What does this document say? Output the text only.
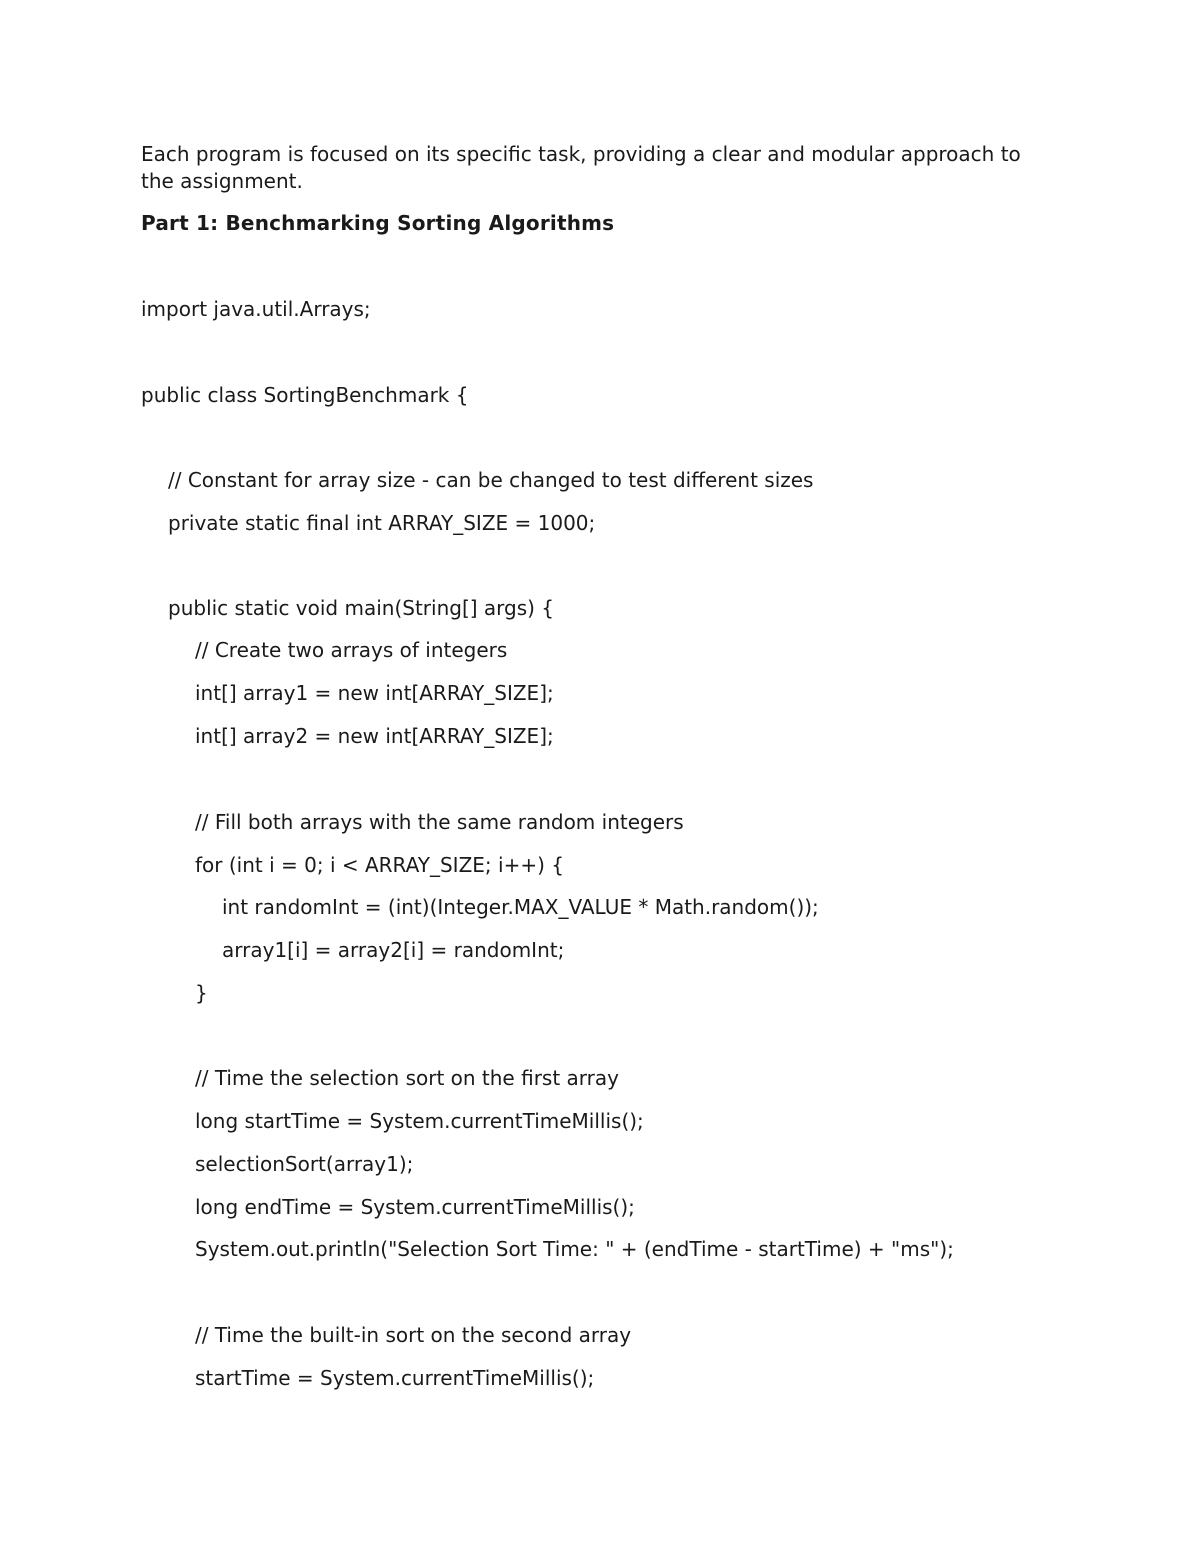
Each program is focused on its specific task, providing a clear and modular approach to the assignment.

Part 1: Benchmarking Sorting Algorithms

import java.util.Arrays;
public class SortingBenchmark {
// Constant for array size - can be changed to test different sizes
private static final int ARRAY_SIZE = 1000;
public static void main(String[] args) {
// Create two arrays of integers
int[] array1 = new int[ARRAY_SIZE];
int[] array2 = new int[ARRAY_SIZE];
// Fill both arrays with the same random integers
for (int i = 0; i < ARRAY_SIZE; i++) {
int randomInt = (int)(Integer.MAX_VALUE * Math.random());
array1[i] = array2[i] = randomInt;
}
// Time the selection sort on the first array
long startTime = System.currentTimeMillis();
selectionSort(array1);
long endTime = System.currentTimeMillis();
System.out.println("Selection Sort Time: " + (endTime - startTime) + "ms");
// Time the built-in sort on the second array
startTime = System.currentTimeMillis();
